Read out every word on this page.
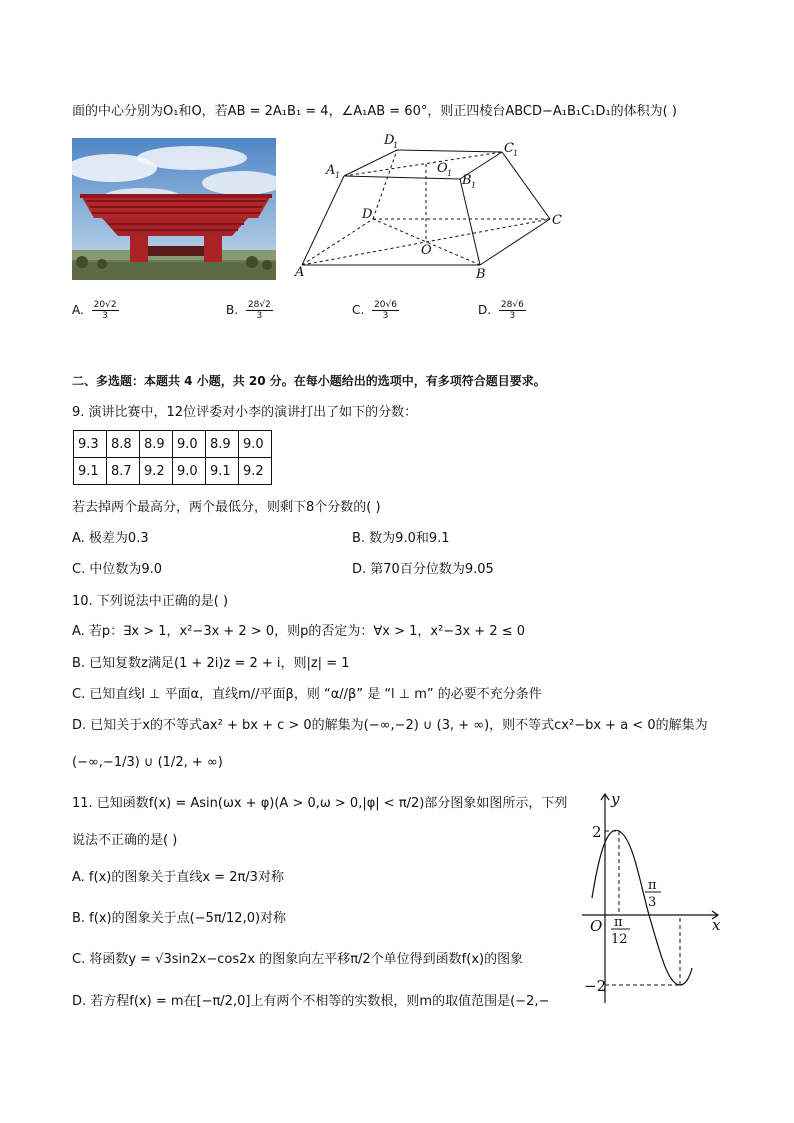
面的中心分别为O₁和O，若AB = 2A₁B₁ = 4，∠A₁AB = 60°，则正四棱台ABCD−A₁B₁C₁D₁的体积为( )
D
1	C 1
A 1	O 1 B 1
D	C
O
A	B
A. $\frac{20√2}{3}$	B. $\frac{28√2}{3}$	C. $\frac{20√6}{3}$	D. $\frac{28√6}{3}$
二、多选题：本题共 4 小题，共 20 分。在每小题给出的选项中，有多项符合题目要求。
9. 演讲比赛中，12位评委对小李的演讲打出了如下的分数：
9.3	8.8	8.9	9.0	8.9	9.0
9.1	8.7	9.2	9.0	9.1	9.2
若去掉两个最高分，两个最低分，则剩下8个分数的( )
A. 极差为0.3	B. 数为9.0和9.1
C. 中位数为9.0	D. 第70百分位数为9.05
10. 下列说法中正确的是( )
A. 若p：∃x > 1，x²−3x + 2 > 0，则p的否定为：∀x > 1，x²−3x + 2 ≤ 0
B. 已知复数z满足(1 + 2i)z = 2 + i，则|z| = 1
C. 已知直线l ⊥ 平面α，直线m//平面β，则 “α//β” 是 “l ⊥ m” 的必要不充分条件
D. 已知关于x的不等式ax² + bx + c > 0的解集为(−∞,−2) ∪ (3, + ∞)，则不等式cx²−bx + a < 0的解集为
(−∞,−1/3) ∪ (1/2, + ∞)
11. 已知函数f(x) = Asin(ωx + φ)(A > 0,ω > 0,|φ| < π/2)部分图象如图所示，下列
说法不正确的是( )
A. f(x)的图象关于直线x = 2π/3对称
B. f(x)的图象关于点(−5π/12,0)对称
C. 将函数y = √3sin2x−cos2x 的图象向左平移π/2个单位得到函数f(x)的图象
D. 若方程f(x) = m在[−π/2,0]上有两个不相等的实数根，则m的取值范围是(−2,−
y
x
O
2
−2
π
12
π
3
